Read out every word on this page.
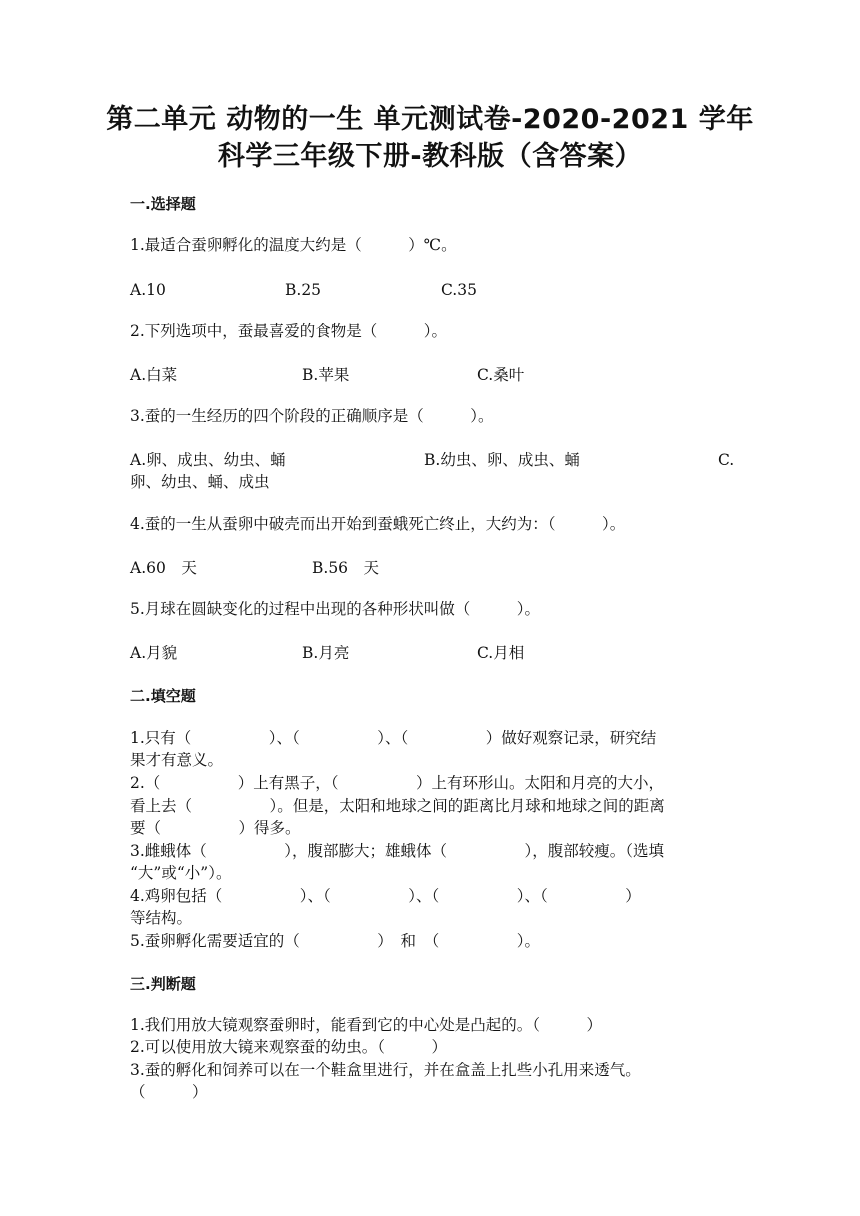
第二单元 动物的一生 单元测试卷-2020-2021 学年
科学三年级下册-教科版（含答案）
一.选择题
1.最适合蚕卵孵化的温度大约是（　　　）℃。
A.10	B.25	C.35
2.下列选项中，蚕最喜爱的食物是（　　　）。
A.白菜	B.苹果	C.桑叶
3.蚕的一生经历的四个阶段的正确顺序是（　　　）。
A.卵、成虫、幼虫、蛹	B.幼虫、卵、成虫、蛹	C.
卵、幼虫、蛹、成虫
4.蚕的一生从蚕卵中破壳而出开始到蚕蛾死亡终止，大约为：（　　　）。
A.60　天	B.56　天
5.月球在圆缺变化的过程中出现的各种形状叫做（　　　）。
A.月貌	B.月亮	C.月相
二.填空题
1.只有（　　　　　）、（　　　　　）、（　　　　　）做好观察记录，研究结
果才有意义。
2.（　　　　　）上有黑子，（　　　　　）上有环形山。太阳和月亮的大小，
看上去（　　　　　）。但是，太阳和地球之间的距离比月球和地球之间的距离
要（　　　　　）得多。
3.雌蛾体（　　　　　），腹部膨大；雄蛾体（　　　　　），腹部较瘦。（选填
“大”或“小”）。
4.鸡卵包括（　　　　　）、（　　　　　）、（　　　　　）、（　　　　　）
等结构。
5.蚕卵孵化需要适宜的（　　　　　）　和　（　　　　　）。
三.判断题
1.我们用放大镜观察蚕卵时，能看到它的中心处是凸起的。（　　　）
2.可以使用放大镜来观察蚕的幼虫。（　　　）
3.蚕的孵化和饲养可以在一个鞋盒里进行，并在盒盖上扎些小孔用来透气。
（　　　）
